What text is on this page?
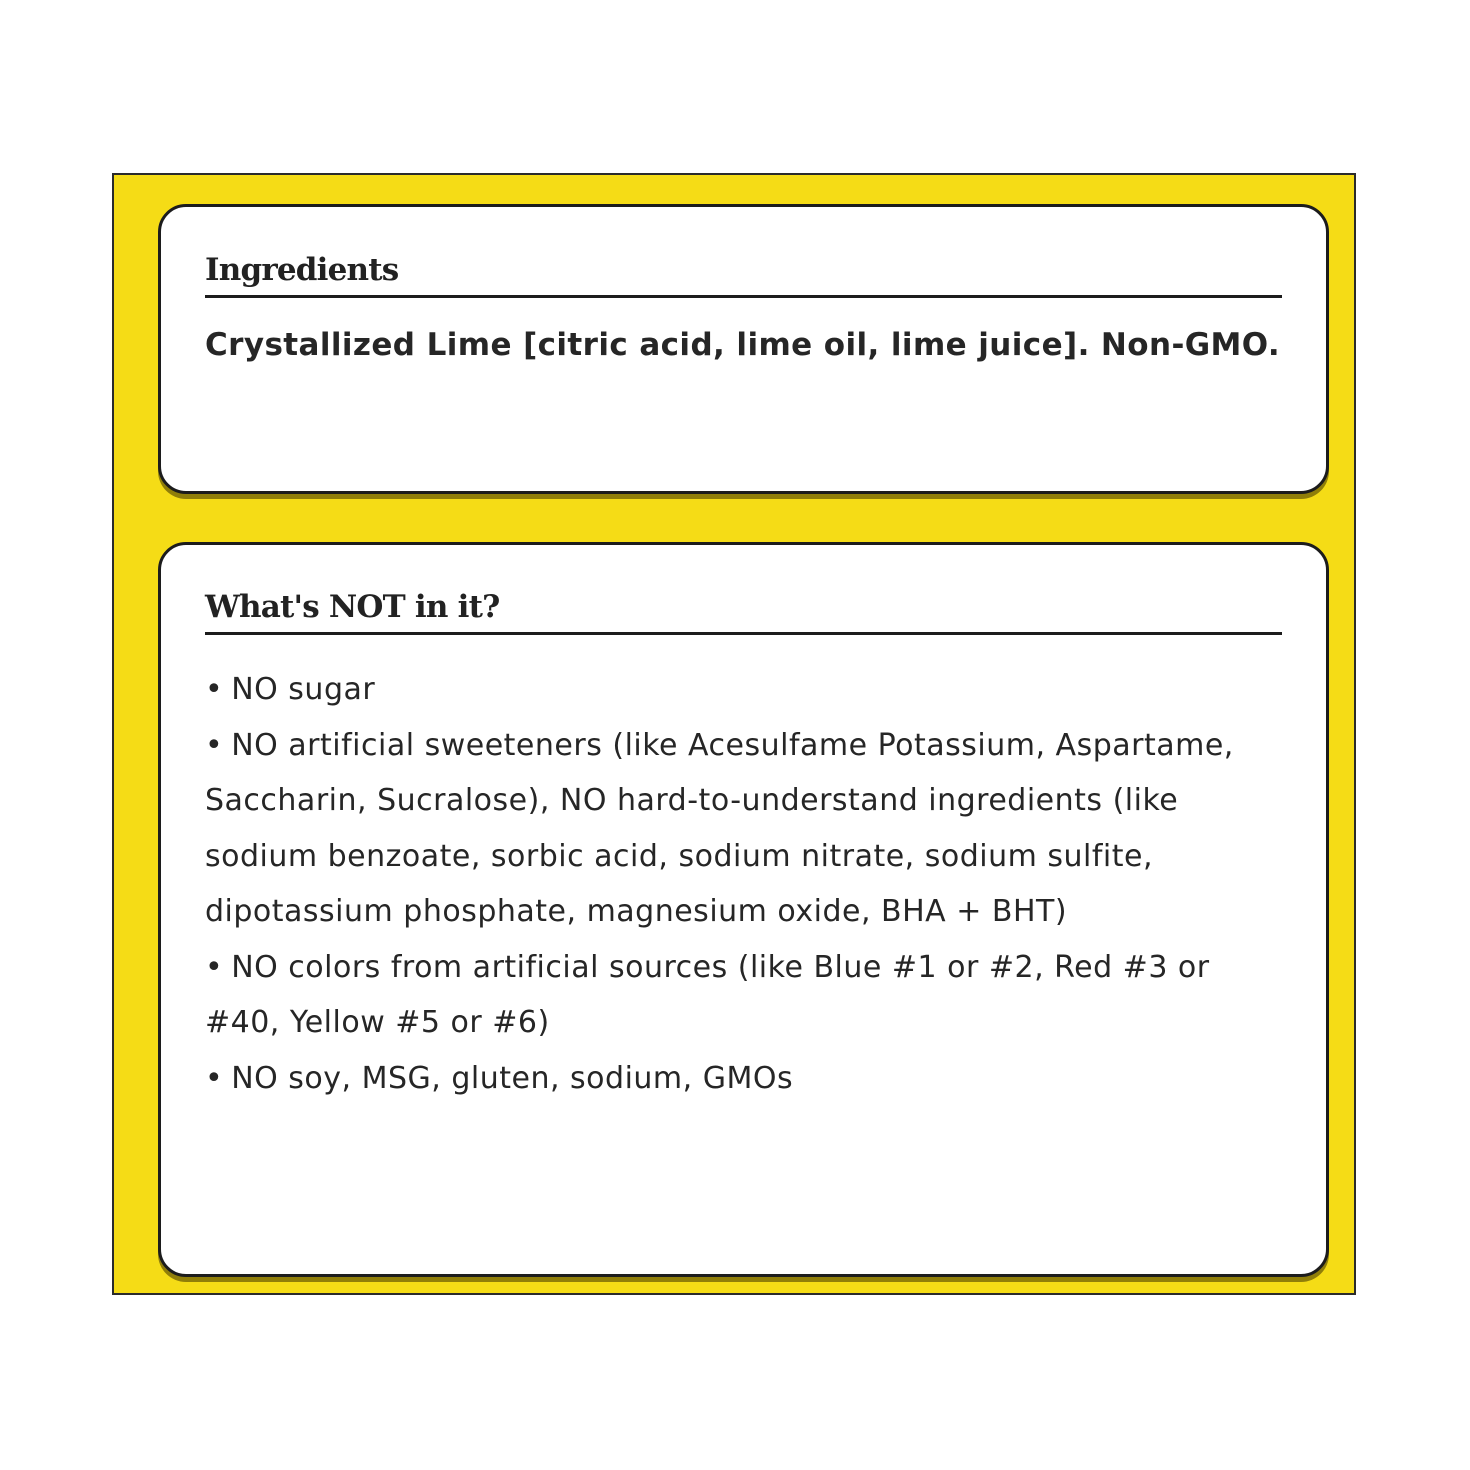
Ingredients

Crystallized Lime [citric acid, lime oil, lime juice]. Non-GMO.

What's NOT in it?
• NO sugar
• NO artificial sweeteners (like Acesulfame Potassium, Aspartame, Saccharin, Sucralose), NO hard-to-understand ingredients (like sodium benzoate, sorbic acid, sodium nitrate, sodium sulfite, dipotassium phosphate, magnesium oxide, BHA + BHT)
• NO colors from artificial sources (like Blue #1 or #2, Red #3 or #40, Yellow #5 or #6)
• NO soy, MSG, gluten, sodium, GMOs
